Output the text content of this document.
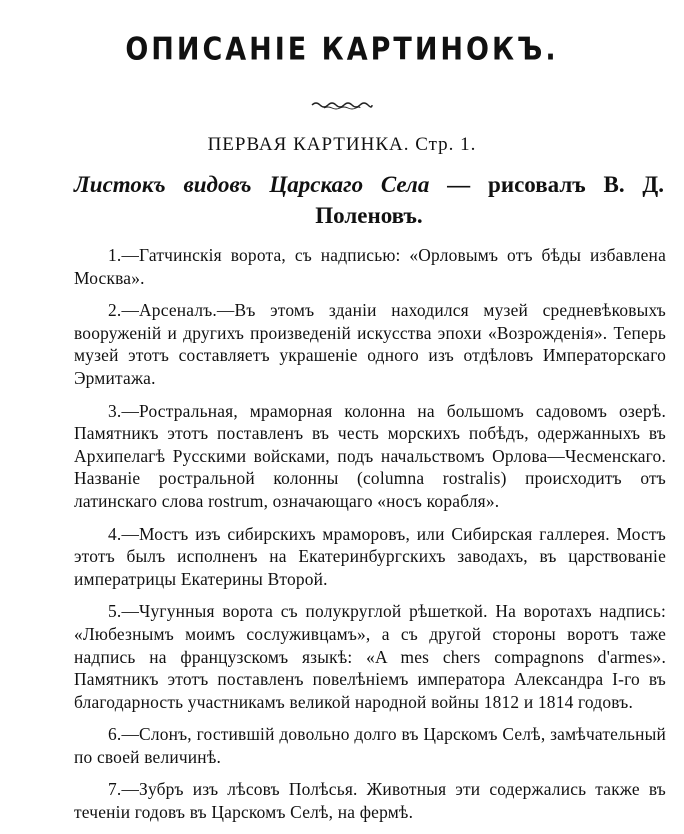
ОПИСАНІЕ КАРТИНОКЪ.
ПЕРВАЯ КАРТИНКА. Стр. 1.
Листокъ видовъ Царскаго Села — рисовалъ В. Д. Поленовъ.
1.—Гатчинскія ворота, съ надписью: «Орловымъ отъ бѣды избавлена Москва».
2.—Арсеналъ.—Въ этомъ зданіи находился музей средневѣковыхъ вооруженій и другихъ произведеній искусства эпохи «Возрожденія». Теперь музей этотъ составляетъ украшеніе одного изъ отдѣловъ Императорскаго Эрмитажа.
3.—Ростральная, мраморная колонна на большомъ садовомъ озерѣ. Памятникъ этотъ поставленъ въ честь морскихъ побѣдъ, одержанныхъ въ Архипелагѣ Русскими войсками, подъ начальствомъ Орлова—Чесменскаго. Названіе ростральной колонны (columna rostralis) происходитъ отъ латинскаго слова rostrum, означающаго «носъ корабля».
4.—Мостъ изъ сибирскихъ мраморовъ, или Сибирская галлерея. Мостъ этотъ былъ исполненъ на Екатеринбургскихъ заводахъ, въ царствованіе императрицы Екатерины Второй.
5.—Чугунныя ворота съ полукруглой рѣшеткой. На воротахъ надпись: «Любезнымъ моимъ сослуживцамъ», а съ другой стороны воротъ таже надпись на французскомъ языкѣ: «A mes chers compagnons d'armes». Памятникъ этотъ поставленъ повелѣніемъ императора Александра I-го въ благодарность участникамъ великой народной войны 1812 и 1814 годовъ.
6.—Слонъ, гостившій довольно долго въ Царскомъ Селѣ, замѣчательный по своей величинѣ.
7.—Зубръ изъ лѣсовъ Полѣсья. Животныя эти содержались также въ теченіи годовъ въ Царскомъ Селѣ, на фермѣ.
